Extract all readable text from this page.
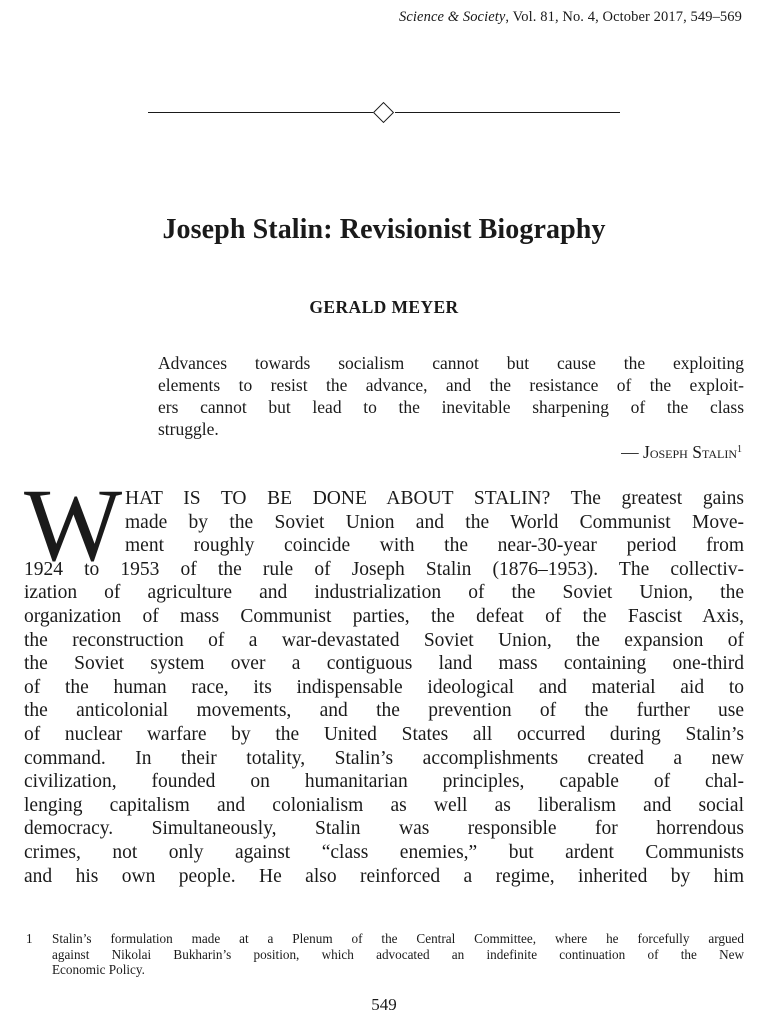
Science & Society, Vol. 81, No. 4, October 2017, 549–569
Joseph Stalin: Revisionist Biography
GERALD MEYER
Advances towards socialism cannot but cause the exploiting
elements to resist the advance, and the resistance of the exploit-
ers cannot but lead to the inevitable sharpening of the class
struggle.
— Joseph Stalin$^1$
W HAT IS TO BE DONE ABOUT STALIN? The greatest gains
made by the Soviet Union and the World Communist Move-
ment roughly coincide with the near-30-year period from
1924 to 1953 of the rule of Joseph Stalin (1876–1953). The collectiv-
ization of agriculture and industrialization of the Soviet Union, the
organization of mass Communist parties, the defeat of the Fascist Axis,
the reconstruction of a war-devastated Soviet Union, the expansion of
the Soviet system over a contiguous land mass containing one-third
of the human race, its indispensable ideological and material aid to
the anticolonial movements, and the prevention of the further use
of nuclear warfare by the United States all occurred during Stalin’s
command. In their totality, Stalin’s accomplishments created a new
civilization, founded on humanitarian principles, capable of chal-
lenging capitalism and colonialism as well as liberalism and social
democracy. Simultaneously, Stalin was responsible for horrendous
crimes, not only against “class enemies,” but ardent Communists
and his own people. He also reinforced a regime, inherited by him
1 Stalin’s formulation made at a Plenum of the Central Committee, where he forcefully argued
against Nikolai Bukharin’s position, which advocated an indefinite continuation of the New
Economic Policy.
549
